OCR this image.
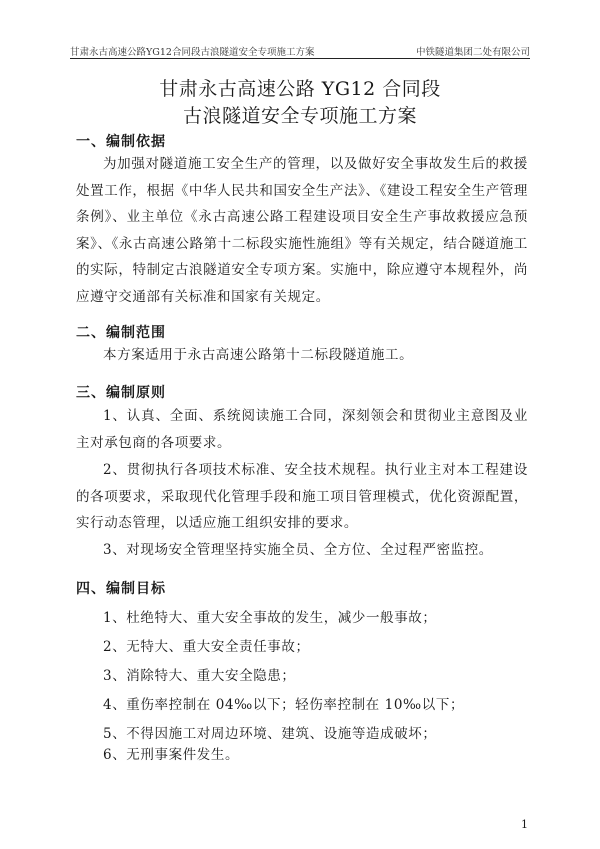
甘肃永古高速公路YG12合同段古浪隧道安全专项施工方案	中铁隧道集团二处有限公司
甘肃永古高速公路 YG12 合同段
古浪隧道安全专项施工方案
一、编制依据

为加强对隧道施工安全生产的管理，以及做好安全事故发生后的救援处置工作，根据《中华人民共和国安全生产法》、《建设工程安全生产管理条例》、业主单位《永古高速公路工程建设项目安全生产事故救援应急预案》、《永古高速公路第十二标段实施性施组》等有关规定，结合隧道施工的实际，特制定古浪隧道安全专项方案。实施中，除应遵守本规程外，尚应遵守交通部有关标准和国家有关规定。

二、编制范围

本方案适用于永古高速公路第十二标段隧道施工。

三、编制原则

1、认真、全面、系统阅读施工合同，深刻领会和贯彻业主意图及业主对承包商的各项要求。

2、贯彻执行各项技术标准、安全技术规程。执行业主对本工程建设的各项要求，采取现代化管理手段和施工项目管理模式，优化资源配置，实行动态管理，以适应施工组织安排的要求。

3、对现场安全管理坚持实施全员、全方位、全过程严密监控。

四、编制目标

1、杜绝特大、重大安全事故的发生，减少一般事故；

2、无特大、重大安全责任事故；

3、消除特大、重大安全隐患；

4、重伤率控制在 04‰以下；轻伤率控制在 10‰以下；

5、不得因施工对周边环境、建筑、设施等造成破坏；

6、无刑事案件发生。

1
